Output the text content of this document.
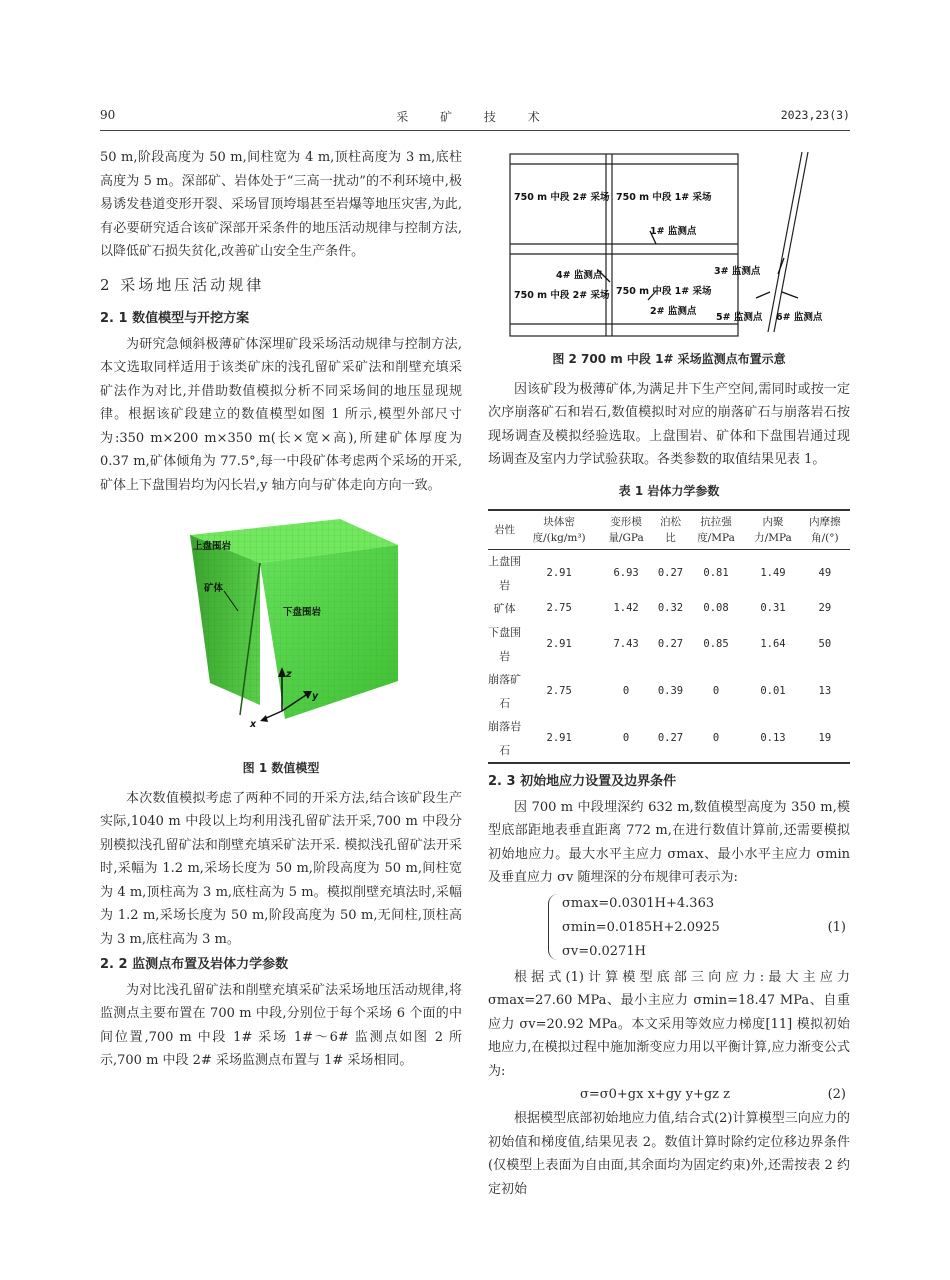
90	采 矿 技 术	2023,23(3)

50 m,阶段高度为 50 m,间柱宽为 4 m,顶柱高度为 3 m,底柱高度为 5 m。深部矿、岩体处于“三高一扰动”的不利环境中,极易诱发巷道变形开裂、采场冒顶垮塌甚至岩爆等地压灾害,为此,有必要研究适合该矿深部开采条件的地压活动规律与控制方法,以降低矿石损失贫化,改善矿山安全生产条件。

2 采场地压活动规律
2. 1 数值模型与开挖方案

为研究急倾斜极薄矿体深埋矿段采场活动规律与控制方法,本文选取同样适用于该类矿床的浅孔留矿采矿法和削壁充填采矿法作为对比,并借助数值模拟分析不同采场间的地压显现规律。根据该矿段建立的数值模型如图 1 所示,模型外部尺寸为:350 m×200 m×350 m(长×宽×高),所建矿体厚度为 0.37 m,矿体倾角为 77.5°,每一中段矿体考虑两个采场的开采,矿体上下盘围岩均为闪长岩,y 轴方向与矿体走向方向一致。

上盘围岩
矿体
下盘围岩
z
y
x
图 1 数值模型

本次数值模拟考虑了两种不同的开采方法,结合该矿段生产实际,1040 m 中段以上均利用浅孔留矿法开采,700 m 中段分别模拟浅孔留矿法和削壁充填采矿法开采. 模拟浅孔留矿法开采时,采幅为 1.2 m,采场长度为 50 m,阶段高度为 50 m,间柱宽为 4 m,顶柱高为 3 m,底柱高为 5 m。模拟削壁充填法时,采幅为 1.2 m,采场长度为 50 m,阶段高度为 50 m,无间柱,顶柱高为 3 m,底柱高为 3 m。

2. 2 监测点布置及岩体力学参数

为对比浅孔留矿法和削壁充填采矿法采场地压活动规律,将监测点主要布置在 700 m 中段,分别位于每个采场 6 个面的中间位置,700 m 中段 1# 采场 1#～6# 监测点如图 2 所示,700 m 中段 2# 采场监测点布置与 1# 采场相同。

750 m 中段 2# 采场 750 m 中段 1# 采场
1# 监测点
4# 监测点
750 m 中段 2# 采场 750 m 中段 1# 采场
2# 监测点
3# 监测点
5# 监测点 6# 监测点
图 2 700 m 中段 1# 采场监测点布置示意

因该矿段为极薄矿体,为满足井下生产空间,需同时或按一定次序崩落矿石和岩石,数值模拟时对应的崩落矿石与崩落岩石按现场调查及模拟经验选取。上盘围岩、矿体和下盘围岩通过现场调查及室内力学试验获取。各类参数的取值结果见表 1。

表 1 岩体力学参数
岩性	块体密度/(kg/m³)	变形模量/GPa	泊松比	抗拉强度/MPa	内聚力/MPa	内摩擦角/(°)
上盘围岩	2.91	6.93	0.27	0.81	1.49	49
矿体	2.75	1.42	0.32	0.08	0.31	29
下盘围岩	2.91	7.43	0.27	0.85	1.64	50
崩落矿石	2.75	0	0.39	0	0.01	13
崩落岩石	2.91	0	0.27	0	0.13	19
2. 3 初始地应力设置及边界条件

因 700 m 中段埋深约 632 m,数值模型高度为 350 m,模型底部距地表垂直距离 772 m,在进行数值计算前,还需要模拟初始地应力。最大水平主应力 σmax、最小水平主应力 σmin 及垂直应力 σv 随埋深的分布规律可表示为:

σmax=0.0301H+4.363
σmin=0.0185H+2.0925
σv=0.0271H
(1)

根据式(1)计算模型底部三向应力:最大主应力 σmax=27.60 MPa、最小主应力 σmin=18.47 MPa、自重应力 σv=20.92 MPa。本文采用等效应力梯度[11] 模拟初始地应力,在模拟过程中施加渐变应力用以平衡计算,应力渐变公式为:

σ=σ0+gx x+gy y+gz z	(2)

根据模型底部初始地应力值,结合式(2)计算模型三向应力的初始值和梯度值,结果见表 2。数值计算时除约定位移边界条件(仅模型上表面为自由面,其余面均为固定约束)外,还需按表 2 约定初始
